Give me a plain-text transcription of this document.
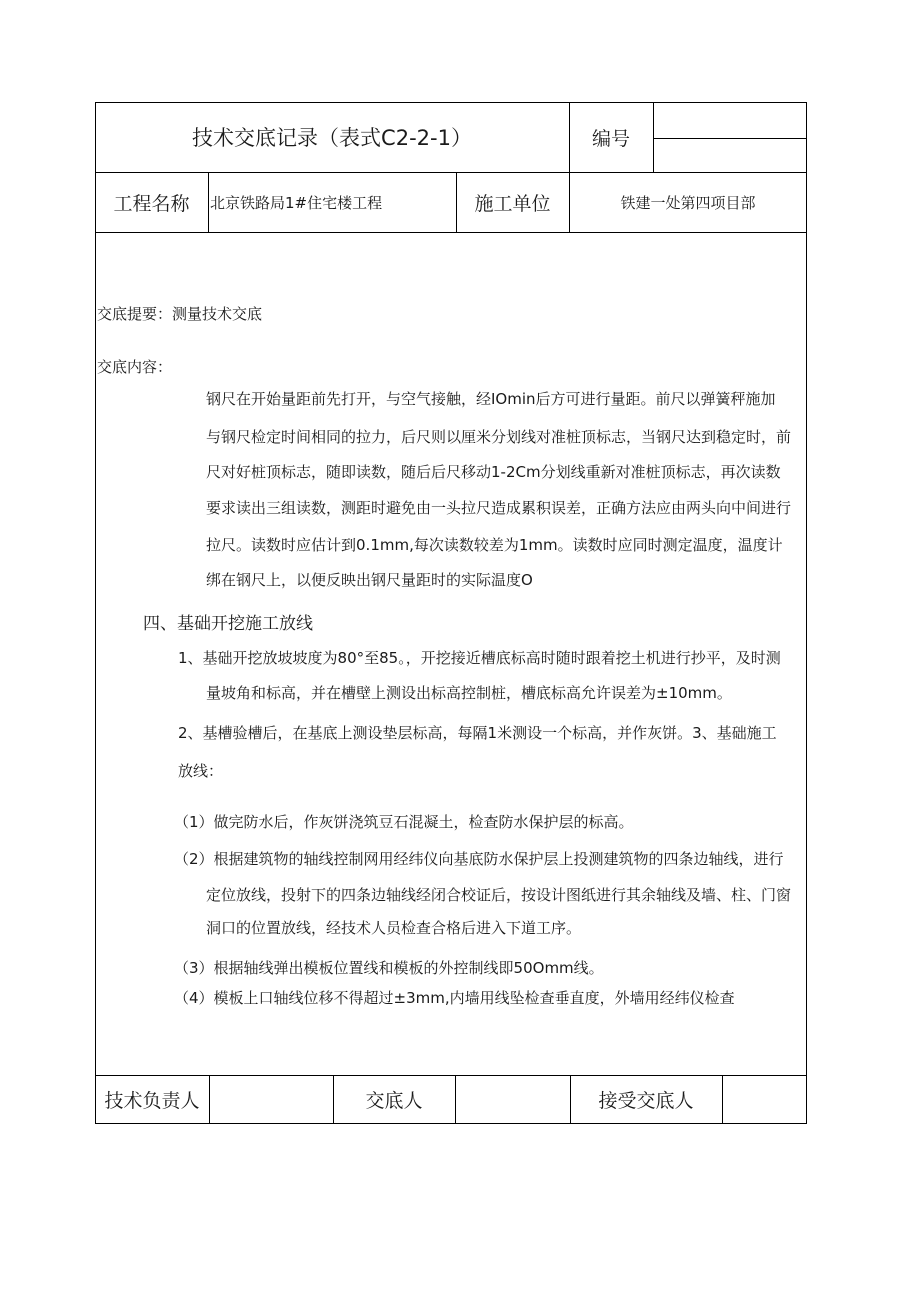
技术交底记录（表式C2-2-1）	编号
工程名称	北京铁路局1#住宅楼工程	施工单位	铁建一处第四项目部
交底提要：测量技术交底
交底内容：
钢尺在开始量距前先打开，与空气接触，经IOmin后方可进行量距。前尺以弹簧秤施加
与钢尺检定时间相同的拉力，后尺则以厘米分划线对准桩顶标志，当钢尺达到稳定时，前
尺对好桩顶标志，随即读数，随后后尺移动1-2Cm分划线重新对准桩顶标志，再次读数
要求读出三组读数，测距时避免由一头拉尺造成累积误差，正确方法应由两头向中间进行
拉尺。读数时应估计到0.1mm,每次读数较差为1mm。读数时应同时测定温度，温度计
绑在钢尺上，以便反映出钢尺量距时的实际温度O
四、基础开挖施工放线
1、基础开挖放坡坡度为80°至85。，开挖接近槽底标高时随时跟着挖土机进行抄平，及时测
量坡角和标高，并在槽壁上测设出标高控制桩，槽底标高允许误差为±10mm。
2、基槽验槽后，在基底上测设垫层标高，每隔1米测设一个标高，并作灰饼。3、基础施工
放线：
（1）做完防水后，作灰饼浇筑豆石混凝土，检查防水保护层的标高。
（2）根据建筑物的轴线控制网用经纬仪向基底防水保护层上投测建筑物的四条边轴线，进行
定位放线，投射下的四条边轴线经闭合校证后，按设计图纸进行其余轴线及墙、柱、门窗
洞口的位置放线，经技术人员检查合格后进入下道工序。
（3）根据轴线弹出模板位置线和模板的外控制线即50Omm线。
（4）模板上口轴线位移不得超过±3mm,内墙用线坠检查垂直度，外墙用经纬仪检查
技术负责人	交底人	接受交底人
